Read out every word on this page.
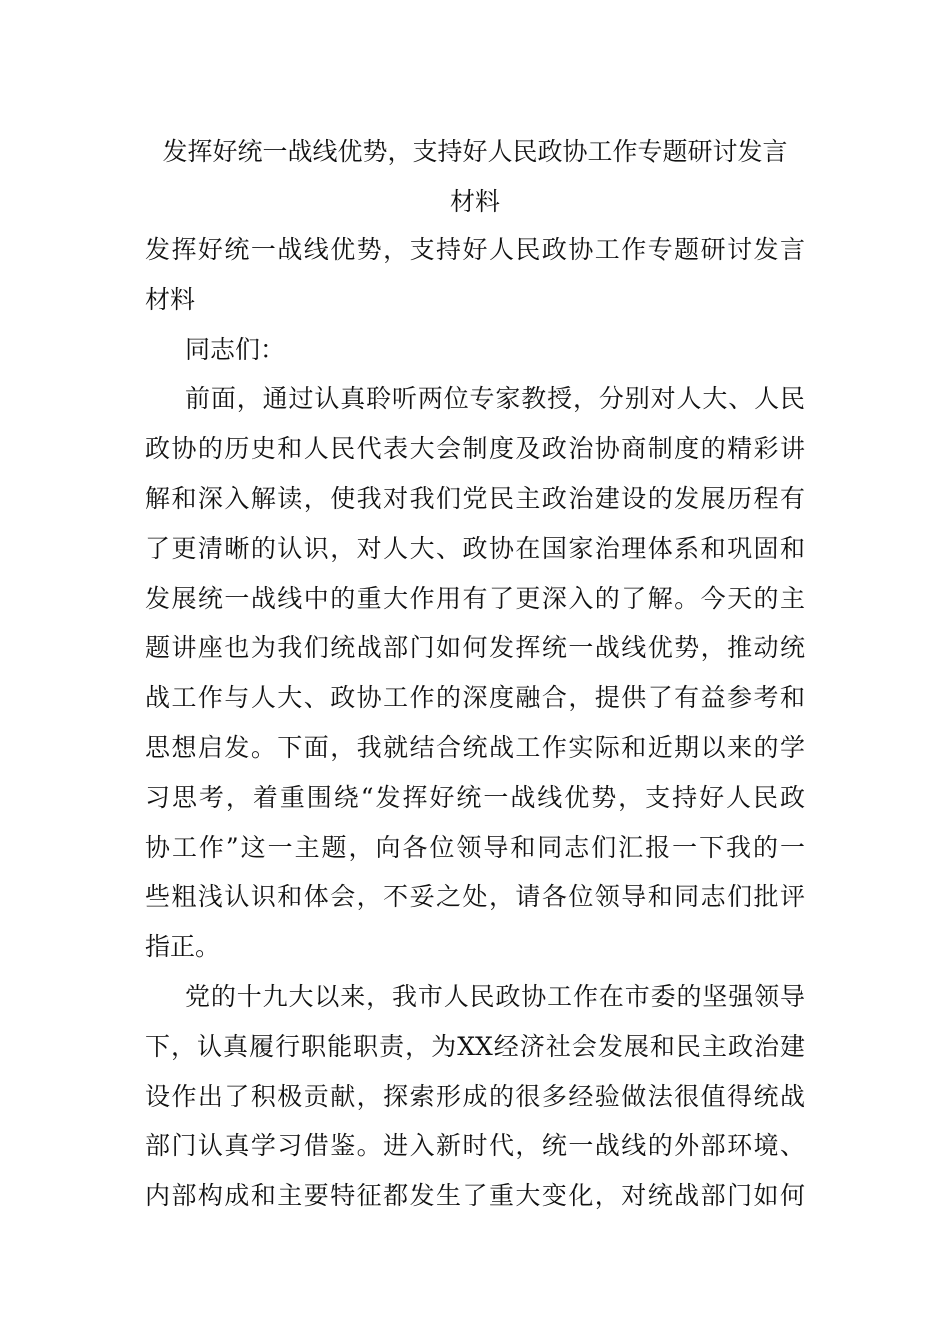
发挥好统一战线优势，支持好人民政协工作专题研讨发言
材料
发挥好统一战线优势，支持好人民政协工作专题研讨发言
材料
同志们：
前面，通过认真聆听两位专家教授，分别对人大、人民
政协的历史和人民代表大会制度及政治协商制度的精彩讲
解和深入解读，使我对我们党民主政治建设的发展历程有
了更清晰的认识，对人大、政协在国家治理体系和巩固和
发展统一战线中的重大作用有了更深入的了解。今天的主
题讲座也为我们统战部门如何发挥统一战线优势，推动统
战工作与人大、政协工作的深度融合，提供了有益参考和
思想启发。下面，我就结合统战工作实际和近期以来的学
习思考，着重围绕“发挥好统一战线优势，支持好人民政
协工作”这一主题，向各位领导和同志们汇报一下我的一
些粗浅认识和体会，不妥之处，请各位领导和同志们批评
指正。
党的十九大以来，我市人民政协工作在市委的坚强领导
下，认真履行职能职责，为XX经济社会发展和民主政治建
设作出了积极贡献，探索形成的很多经验做法很值得统战
部门认真学习借鉴。进入新时代，统一战线的外部环境、
内部构成和主要特征都发生了重大变化，对统战部门如何
